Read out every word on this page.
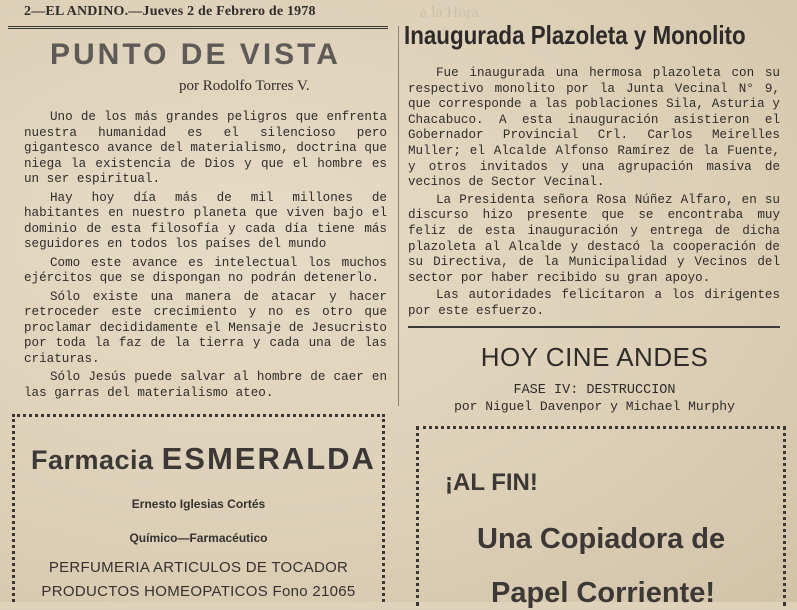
a la Hora
2—EL ANDINO.—Jueves 2 de Febrero de 1978
PUNTO DE VISTA
por Rodolfo Torres V.

Uno de los más grandes peligros que enfrenta nuestra humanidad es el silencioso pero gigantesco avance del materialismo, doctrina que niega la existencia de Dios y que el hombre es un ser espiritual.

Hay hoy día más de mil millones de habitantes en nuestro planeta que viven bajo el dominio de esta filosofía y cada día tiene más seguidores en todos los países del mundo

Como este avance es intelectual los muchos ejércitos que se dispongan no podrán detenerlo.

Sólo existe una manera de atacar y hacer retroceder este crecimiento y no es otro que proclamar decididamente el Mensaje de Jesucristo por toda la faz de la tierra y cada una de las criaturas.

Sólo Jesús puede salvar al hombre de caer en las garras del materialismo ateo.

Farmacia ESMERALDA
Ernesto Iglesias Cortés
Químico—Farmacéutico
PERFUMERIA ARTICULOS DE TOCADOR
PRODUCTOS HOMEOPATICOS Fono 21065
Inaugurada Plazoleta y Monolito

Fue inaugurada una hermosa plazoleta con su respectivo monolito por la Junta Vecinal N° 9, que corresponde a las poblaciones Sila, Asturia y Chacabuco. A esta inauguración asistieron el Gobernador Provincial Crl. Carlos Meirelles Muller; el Alcalde Alfonso Ramírez de la Fuente, y otros invitados y una agrupación masiva de vecinos de Sector Vecinal.

La Presidenta señora Rosa Núñez Alfaro, en su discurso hizo presente que se encontraba muy feliz de esta inauguración y entrega de dicha plazoleta al Alcalde y destacó la cooperación de su Directiva, de la Municipalidad y Vecinos del sector por haber recibido su gran apoyo.

Las autoridades felicitaron a los dirigentes por este esfuerzo.

HOY CINE ANDES
FASE IV: DESTRUCCION
por Niguel Davenpor y Michael Murphy
¡AL FIN!
Una Copiadora de
Papel Corriente!
